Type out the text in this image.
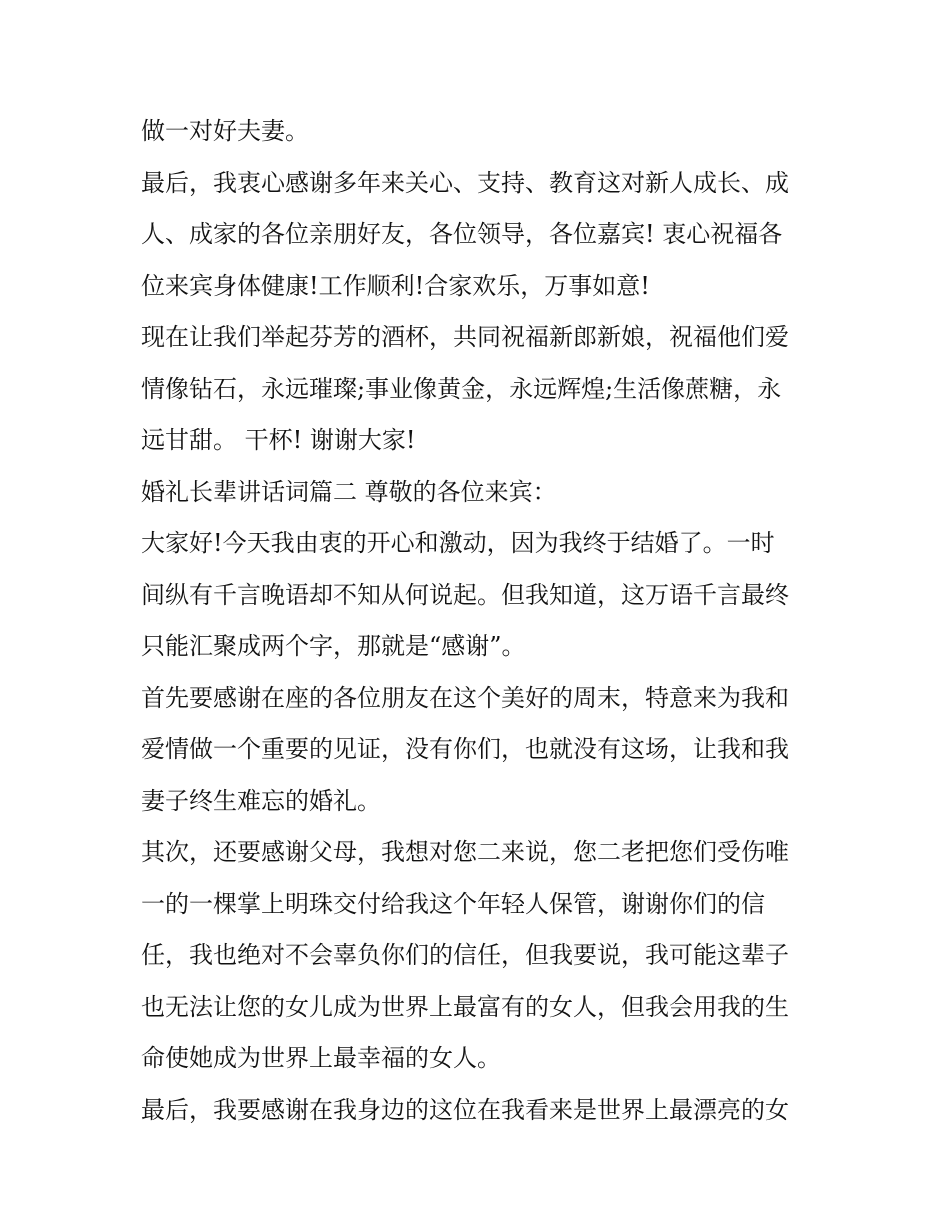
做一对好夫妻。
最后，我衷心感谢多年来关心、支持、教育这对新人成长、成
人、成家的各位亲朋好友，各位领导，各位嘉宾! 衷心祝福各
位来宾身体健康!工作顺利!合家欢乐，万事如意!
现在让我们举起芬芳的酒杯，共同祝福新郎新娘，祝福他们爱
情像钻石，永远璀璨;事业像黄金，永远辉煌;生活像蔗糖，永
远甘甜。 干杯! 谢谢大家!
婚礼长辈讲话词篇二 尊敬的各位来宾：
大家好!今天我由衷的开心和激动，因为我终于结婚了。一时
间纵有千言晚语却不知从何说起。但我知道，这万语千言最终
只能汇聚成两个字，那就是“感谢”。
首先要感谢在座的各位朋友在这个美好的周末，特意来为我和
爱情做一个重要的见证，没有你们，也就没有这场，让我和我
妻子终生难忘的婚礼。
其次，还要感谢父母，我想对您二来说，您二老把您们受伤唯
一的一棵掌上明珠交付给我这个年轻人保管，谢谢你们的信
任，我也绝对不会辜负你们的信任，但我要说，我可能这辈子
也无法让您的女儿成为世界上最富有的女人，但我会用我的生
命使她成为世界上最幸福的女人。
最后，我要感谢在我身边的这位在我看来是世界上最漂亮的女
